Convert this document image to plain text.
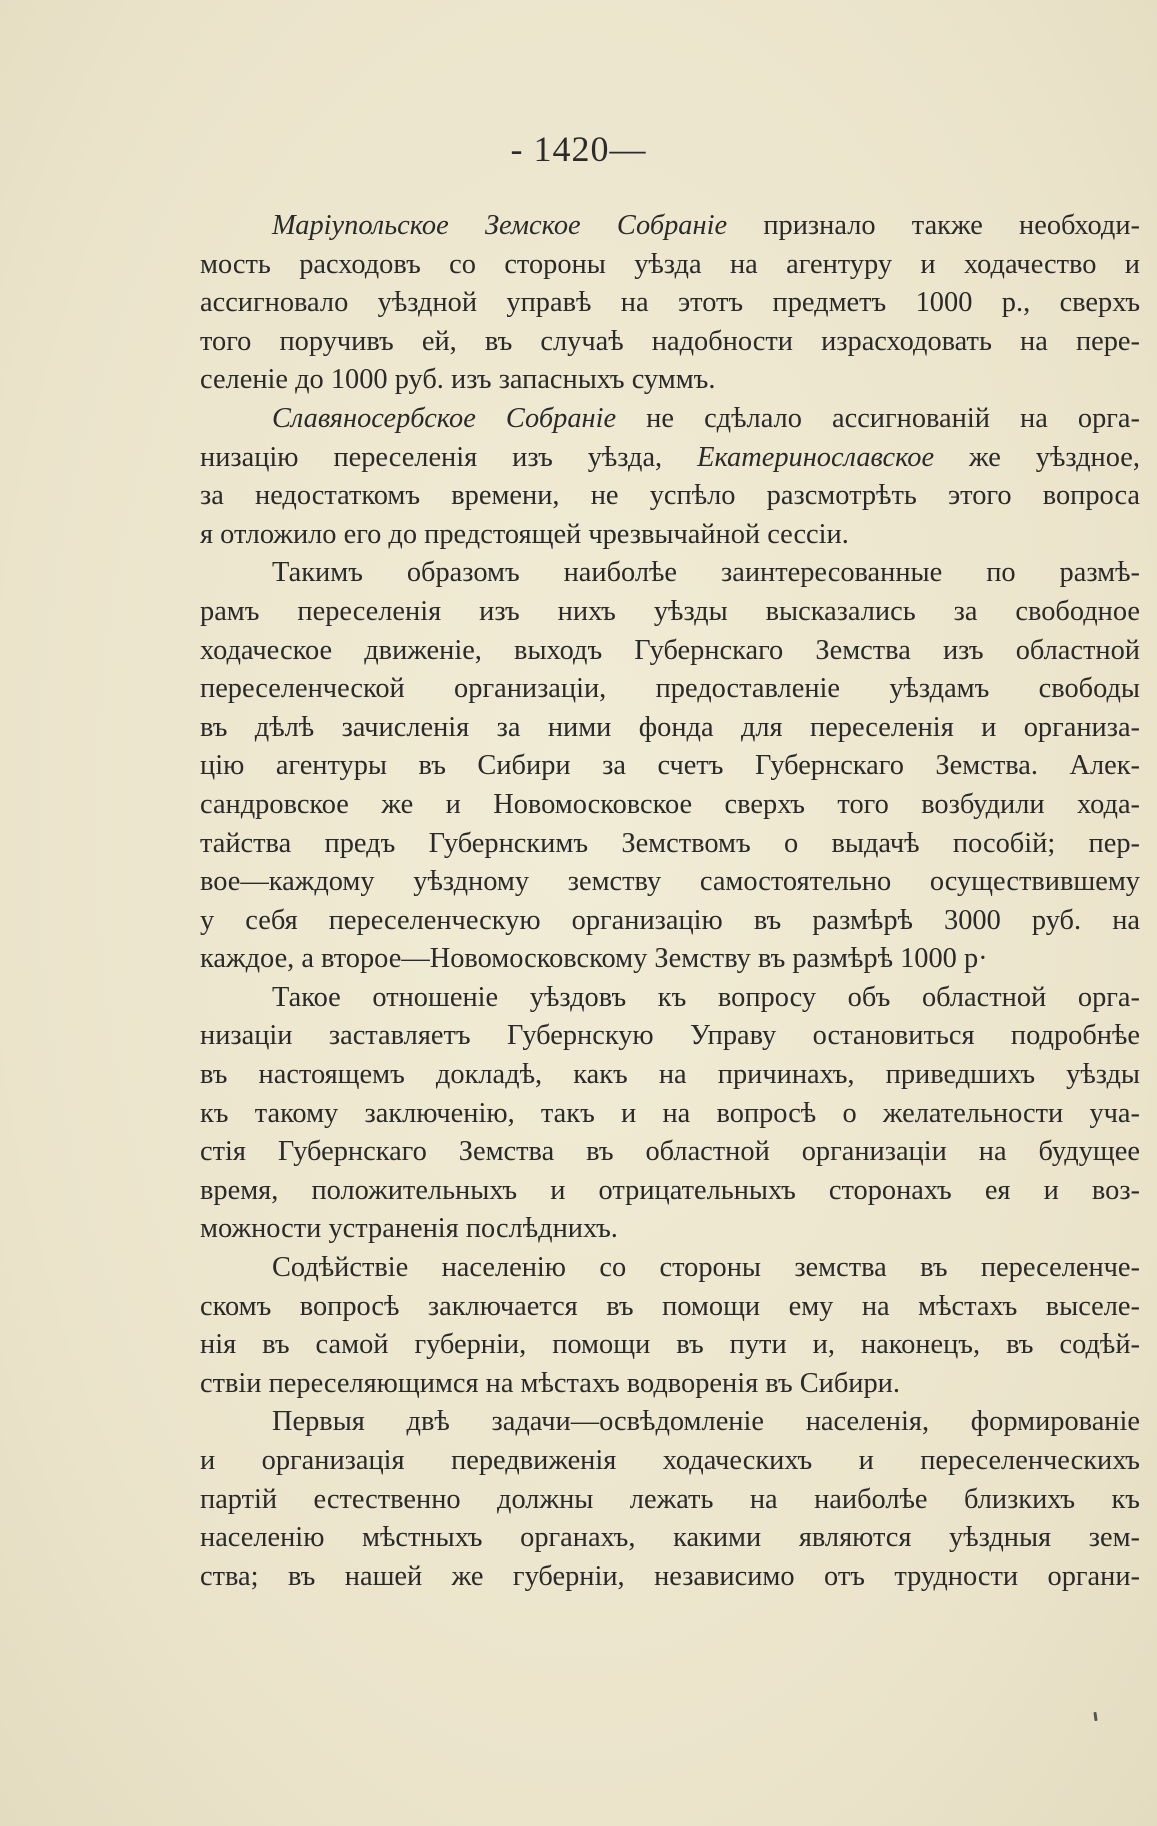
- 1420—
Маріупольское Земское Собраніе признало также необходи-
мость расходовъ со стороны уѣзда на агентуру и ходачество и
ассигновало уѣздной управѣ на этотъ предметъ 1000 р., сверхъ
того поручивъ ей, въ случаѣ надобности израсходовать на пере-
селеніе до 1000 руб. изъ запасныхъ суммъ.
Славяносербское Собраніе не сдѣлало ассигнованій на орга-
низацію переселенія изъ уѣзда, Екатеринославское же уѣздное,
за недостаткомъ времени, не успѣло разсмотрѣть этого вопроса
я отложило его до предстоящей чрезвычайной сессіи.
Такимъ образомъ наиболѣе заинтересованные по размѣ-
рамъ переселенія изъ нихъ уѣзды высказались за свободное
ходаческое движеніе, выходъ Губернскаго Земства изъ областной
переселенческой организаціи, предоставленіе уѣздамъ свободы
въ дѣлѣ зачисленія за ними фонда для переселенія и организа-
цію агентуры въ Сибири за счетъ Губернскаго Земства. Алек-
сандровское же и Новомосковское сверхъ того возбудили хода-
тайства предъ Губернскимъ Земствомъ о выдачѣ пособій; пер-
вое—каждому уѣздному земству самостоятельно осуществившему
у себя переселенческую организацію въ размѣрѣ 3000 руб. на
каждое, а второе—Новомосковскому Земству въ размѣрѣ 1000 р·
Такое отношеніе уѣздовъ къ вопросу объ областной орга-
низаціи заставляетъ Губернскую Управу остановиться подробнѣе
въ настоящемъ докладѣ, какъ на причинахъ, приведшихъ уѣзды
къ такому заключенію, такъ и на вопросѣ о желательности уча-
стія Губернскаго Земства въ областной организаціи на будущее
время, положительныхъ и отрицательныхъ сторонахъ ея и воз-
можности устраненія послѣднихъ.
Содѣйствіе населенію со стороны земства въ переселенче-
скомъ вопросѣ заключается въ помощи ему на мѣстахъ выселе-
нія въ самой губерніи, помощи въ пути и, наконецъ, въ содѣй-
ствіи переселяющимся на мѣстахъ водворенія въ Сибири.
Первыя двѣ задачи—освѣдомленіе населенія, формированіе
и организація передвиженія ходаческихъ и переселенческихъ
партій естественно должны лежать на наиболѣе близкихъ къ
населенію мѣстныхъ органахъ, какими являются уѣздныя зем-
ства; въ нашей же губерніи, независимо отъ трудности органи-
